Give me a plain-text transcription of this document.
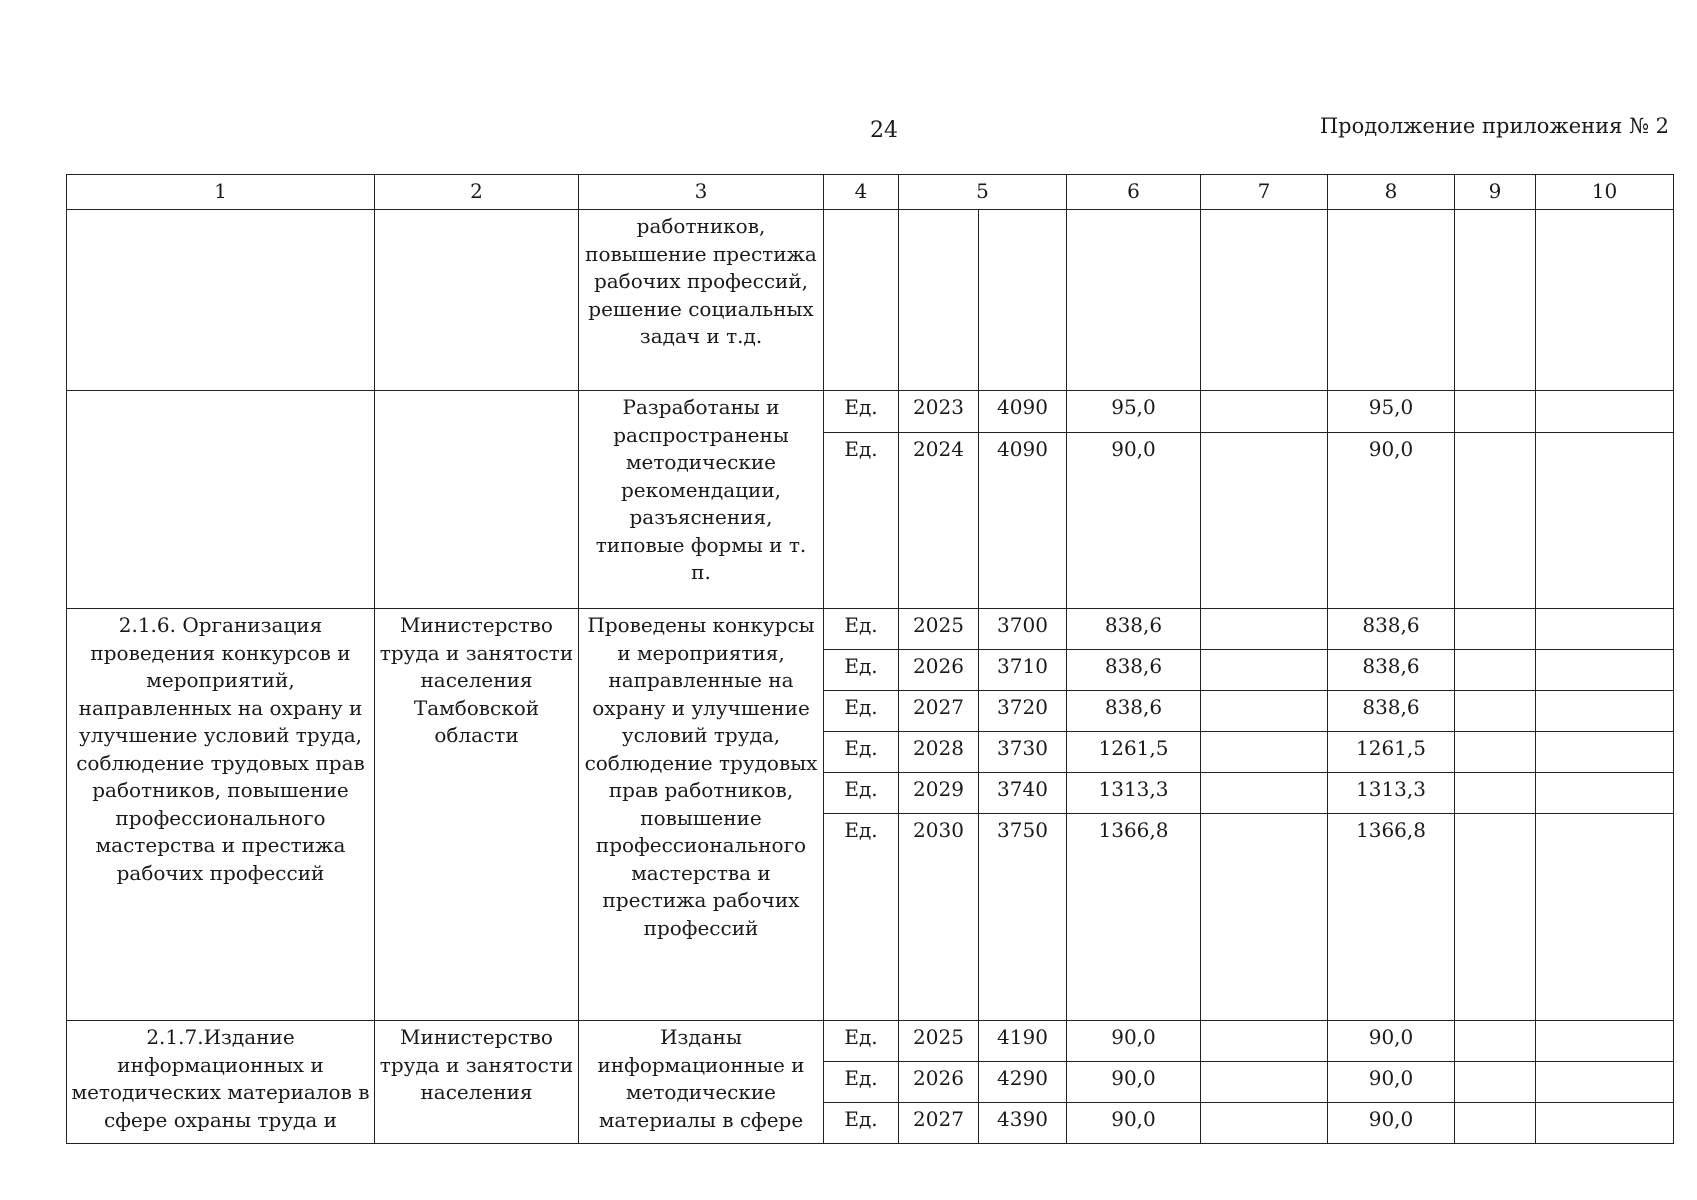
24	Продолжение приложения № 2
1	2	3	4	5		6	7	8	9	10
		работников, повышение престижа рабочих профессий, решение социальных задач и т.д.								
		Разработаны и распространены методические рекомендации, разъяснения, типовые формы и т. п.	Ед.	2023	4090	95,0		95,0		
			Ед.	2024	4090	90,0		90,0		
2.1.6. Организация проведения конкурсов и мероприятий, направленных на охрану и улучшение условий труда, соблюдение трудовых прав работников, повышение профессионального мастерства и престижа рабочих профессий	Министерство труда и занятости населения Тамбовской области	Проведены конкурсы и мероприятия, направленные на охрану и улучшение условий труда, соблюдение трудовых прав работников, повышение профессионального мастерства и престижа рабочих профессий	Ед.	2025	3700	838,6		838,6		
			Ед.	2026	3710	838,6		838,6		
			Ед.	2027	3720	838,6		838,6		
			Ед.	2028	3730	1261,5		1261,5		
			Ед.	2029	3740	1313,3		1313,3		
			Ед.	2030	3750	1366,8		1366,8		
2.1.7.Издание информационных и методических материалов в сфере охраны труда и	Министерство труда и занятости населения	Изданы информационные и методические материалы в сфере	Ед.	2025	4190	90,0		90,0		
			Ед.	2026	4290	90,0		90,0		
			Ед.	2027	4390	90,0		90,0		
